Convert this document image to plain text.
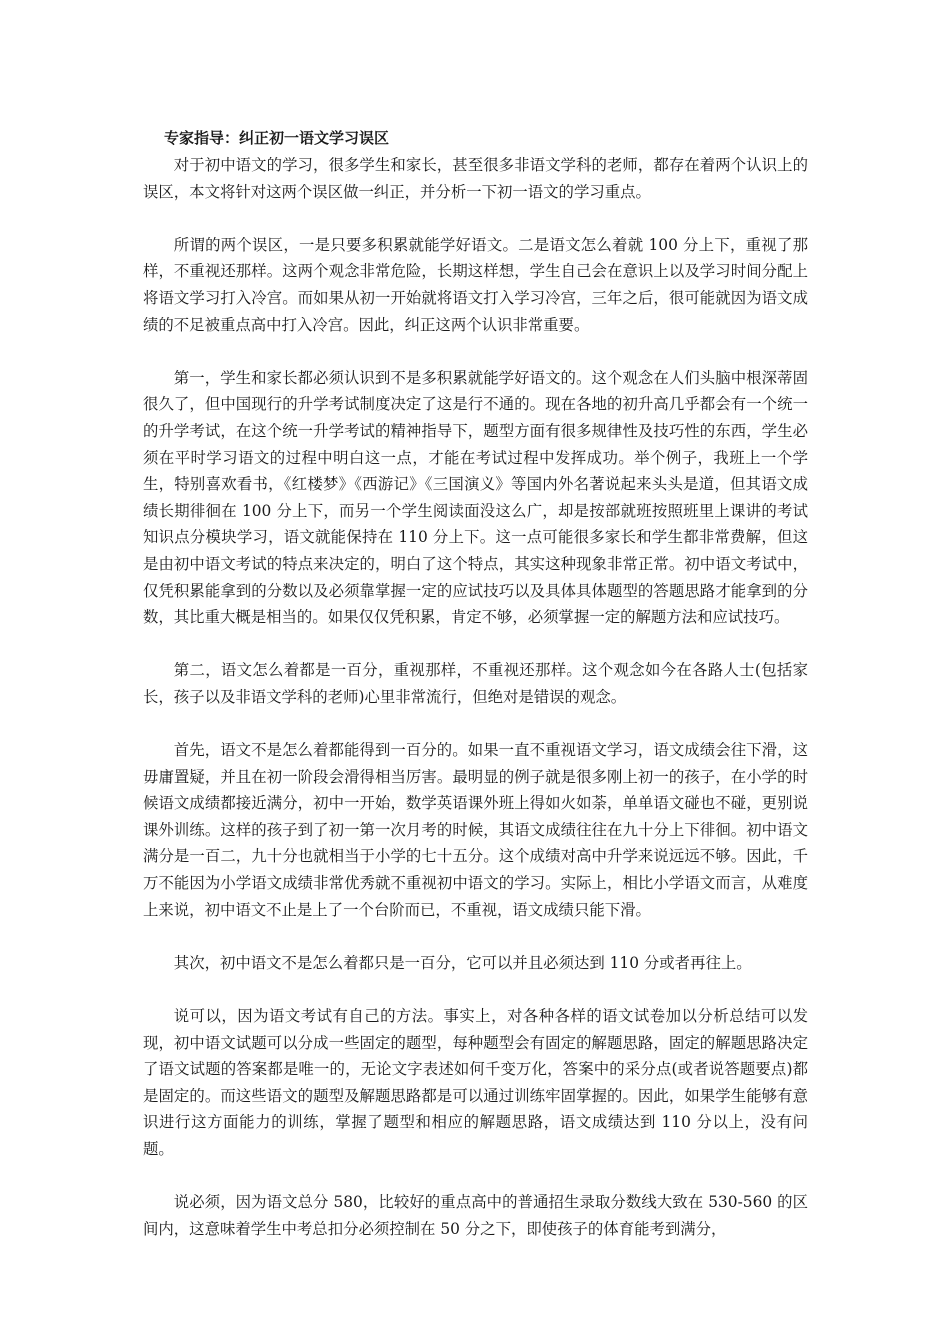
专家指导：纠正初一语文学习误区

对于初中语文的学习，很多学生和家长，甚至很多非语文学科的老师，都存在着两个认识上的误区，本文将针对这两个误区做一纠正，并分析一下初一语文的学习重点。

所谓的两个误区，一是只要多积累就能学好语文。二是语文怎么着就 100 分上下，重视了那样，不重视还那样。这两个观念非常危险，长期这样想，学生自己会在意识上以及学习时间分配上将语文学习打入冷宫。而如果从初一开始就将语文打入学习冷宫，三年之后，很可能就因为语文成绩的不足被重点高中打入冷宫。因此，纠正这两个认识非常重要。

第一，学生和家长都必须认识到不是多积累就能学好语文的。这个观念在人们头脑中根深蒂固很久了，但中国现行的升学考试制度决定了这是行不通的。现在各地的初升高几乎都会有一个统一的升学考试，在这个统一升学考试的精神指导下，题型方面有很多规律性及技巧性的东西，学生必须在平时学习语文的过程中明白这一点，才能在考试过程中发挥成功。举个例子，我班上一个学生，特别喜欢看书，《红楼梦》《西游记》《三国演义》等国内外名著说起来头头是道，但其语文成绩长期徘徊在 100 分上下，而另一个学生阅读面没这么广，却是按部就班按照班里上课讲的考试知识点分模块学习，语文就能保持在 110 分上下。这一点可能很多家长和学生都非常费解，但这是由初中语文考试的特点来决定的，明白了这个特点，其实这种现象非常正常。初中语文考试中，仅凭积累能拿到的分数以及必须靠掌握一定的应试技巧以及具体具体题型的答题思路才能拿到的分数，其比重大概是相当的。如果仅仅凭积累，肯定不够，必须掌握一定的解题方法和应试技巧。

第二，语文怎么着都是一百分，重视那样，不重视还那样。这个观念如今在各路人士(包括家长，孩子以及非语文学科的老师)心里非常流行，但绝对是错误的观念。

首先，语文不是怎么着都能得到一百分的。如果一直不重视语文学习，语文成绩会往下滑，这毋庸置疑，并且在初一阶段会滑得相当厉害。最明显的例子就是很多刚上初一的孩子，在小学的时候语文成绩都接近满分，初中一开始，数学英语课外班上得如火如荼，单单语文碰也不碰，更别说课外训练。这样的孩子到了初一第一次月考的时候，其语文成绩往往在九十分上下徘徊。初中语文满分是一百二，九十分也就相当于小学的七十五分。这个成绩对高中升学来说远远不够。因此，千万不能因为小学语文成绩非常优秀就不重视初中语文的学习。实际上，相比小学语文而言，从难度上来说，初中语文不止是上了一个台阶而已，不重视，语文成绩只能下滑。

其次，初中语文不是怎么着都只是一百分，它可以并且必须达到 110 分或者再往上。

说可以，因为语文考试有自己的方法。事实上，对各种各样的语文试卷加以分析总结可以发现，初中语文试题可以分成一些固定的题型，每种题型会有固定的解题思路，固定的解题思路决定了语文试题的答案都是唯一的，无论文字表述如何千变万化，答案中的采分点(或者说答题要点)都是固定的。而这些语文的题型及解题思路都是可以通过训练牢固掌握的。因此，如果学生能够有意识进行这方面能力的训练，掌握了题型和相应的解题思路，语文成绩达到 110 分以上，没有问题。

说必须，因为语文总分 580，比较好的重点高中的普通招生录取分数线大致在 530-560 的区间内，这意味着学生中考总扣分必须控制在 50 分之下，即使孩子的体育能考到满分，
